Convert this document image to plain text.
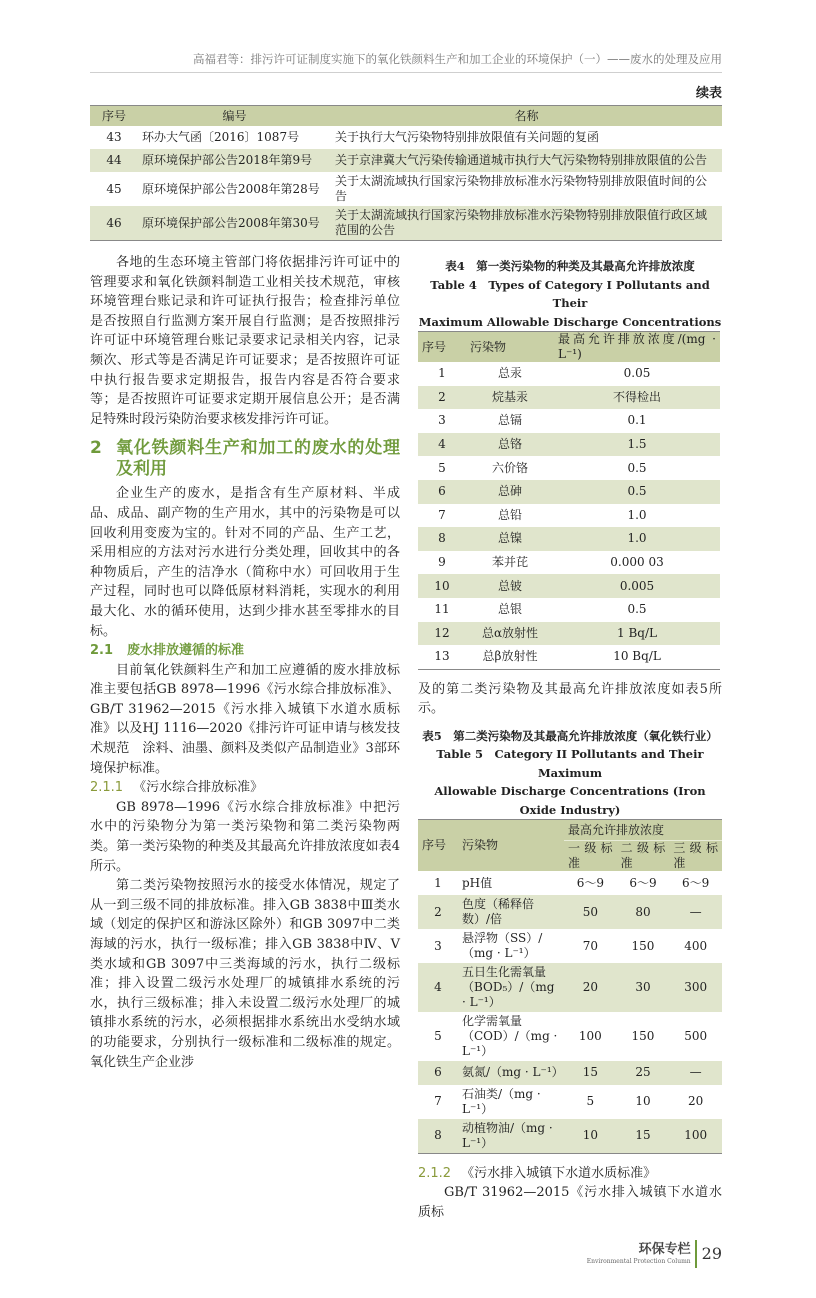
高福君等：排污许可证制度实施下的氧化铁颜料生产和加工企业的环境保护（一）——废水的处理及应用
续表
序号	编号	名称
43	环办大气函〔2016〕1087号	关于执行大气污染物特别排放限值有关问题的复函
44	原环境保护部公告2018年第9号	关于京津冀大气污染传输通道城市执行大气污染物特别排放限值的公告
45	原环境保护部公告2008年第28号	关于太湖流域执行国家污染物排放标准水污染物特别排放限值时间的公告
46	原环境保护部公告2008年第30号	关于太湖流域执行国家污染物排放标准水污染物特别排放限值行政区域范围的公告

各地的生态环境主管部门将依据排污许可证中的管理要求和氧化铁颜料制造工业相关技术规范，审核环境管理台账记录和许可证执行报告；检查排污单位是否按照自行监测方案开展自行监测；是否按照排污许可证中环境管理台账记录要求记录相关内容，记录频次、形式等是否满足许可证要求；是否按照许可证中执行报告要求定期报告，报告内容是否符合要求等；是否按照许可证要求定期开展信息公开；是否满足特殊时段污染防治要求核发排污许可证。

2 氧化铁颜料生产和加工的废水的处理及利用

企业生产的废水，是指含有生产原材料、半成品、成品、副产物的生产用水，其中的污染物是可以回收利用变废为宝的。针对不同的产品、生产工艺，采用相应的方法对污水进行分类处理，回收其中的各种物质后，产生的洁净水（简称中水）可回收用于生产过程，同时也可以降低原材料消耗，实现水的利用最大化、水的循环使用，达到少排水甚至零排水的目标。

2.1 废水排放遵循的标准

目前氧化铁颜料生产和加工应遵循的废水排放标准主要包括GB 8978—1996《污水综合排放标准》、GB/T 31962—2015《污水排入城镇下水道水质标准》以及HJ 1116—2020《排污许可证申请与核发技术规范　涂料、油墨、颜料及类似产品制造业》3部环境保护标准。

2.1.1 《污水综合排放标准》

GB 8978—1996《污水综合排放标准》中把污水中的污染物分为第一类污染物和第二类污染物两类。第一类污染物的种类及其最高允许排放浓度如表4所示。

第二类污染物按照污水的接受水体情况，规定了从一到三级不同的排放标准。排入GB 3838中Ⅲ类水域（划定的保护区和游泳区除外）和GB 3097中二类海域的污水，执行一级标准；排入GB 3838中Ⅳ、Ⅴ类水域和GB 3097中三类海域的污水，执行二级标准；排入设置二级污水处理厂的城镇排水系统的污水，执行三级标准；排入未设置二级污水处理厂的城镇排水系统的污水，必须根据排水系统出水受纳水域的功能要求，分别执行一级标准和二级标准的规定。氧化铁生产企业涉

表4　第一类污染物的种类及其最高允许排放浓度
Table 4　Types of Category I Pollutants and Their
Maximum Allowable Discharge Concentrations
序号	污染物	最高允许排放浓度/(mg · L⁻¹)
1	总汞	0.05
2	烷基汞	不得检出
3	总镉	0.1
4	总铬	1.5
5	六价铬	0.5
6	总砷	0.5
7	总铅	1.0
8	总镍	1.0
9	苯并芘	0.000 03
10	总铍	0.005
11	总银	0.5
12	总α放射性	1 Bq/L
13	总β放射性	10 Bq/L
及的第二类污染物及其最高允许排放浓度如表5所示。
表5　第二类污染物及其最高允许排放浓度（氧化铁行业）
Table 5　Category II Pollutants and Their Maximum
Allowable Discharge Concentrations (Iron Oxide Industry)
序号	污染物	最高允许排放浓度		
		一级标准	二级标准	三级标准
1	pH值	6～9	6～9	6～9
2	色度（稀释倍数）/倍	50	80	—
3	悬浮物（SS）/（mg · L⁻¹）	70	150	400
4	五日生化需氧量（BOD₅）/（mg · L⁻¹）	20	30	300
5	化学需氧量（COD）/（mg · L⁻¹）	100	150	500
6	氨氮/（mg · L⁻¹）	15	25	—
7	石油类/（mg · L⁻¹）	5	10	20
8	动植物油/（mg · L⁻¹）	10	15	100
2.1.2 《污水排入城镇下水道水质标准》

GB/T 31962—2015《污水排入城镇下水道水质标

环保专栏
Environmental Protection Column 29
